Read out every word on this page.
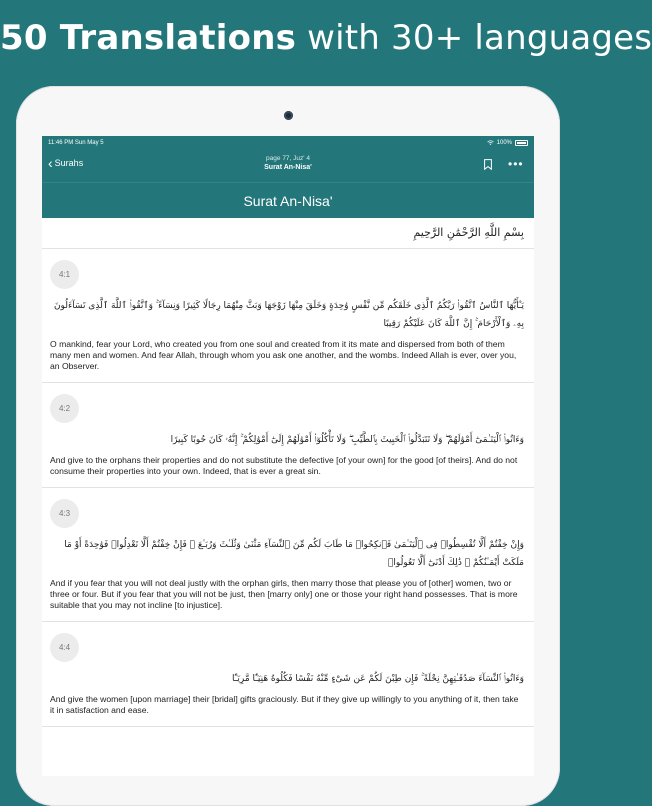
50 Translations with 30+ languages
11:46 PM Sun May 5	100%
‹ Surahs	page 77, Juz' 4
Surat An-Nisa'	•••
Surat An-Nisa'
بِسْمِ اللَّهِ الرَّحْمَٰنِ الرَّحِيمِ
4:1
يَـٰٓأَيُّهَا ٱلنَّاسُ ٱتَّقُوا۟ رَبَّكُمُ ٱلَّذِى خَلَقَكُم مِّن نَّفْسٍ وَٰحِدَةٍ وَخَلَقَ مِنْهَا زَوْجَهَا وَبَثَّ مِنْهُمَا رِجَالًا كَثِيرًا وَنِسَآءً ۚ وَٱتَّقُوا۟ ٱللَّهَ ٱلَّذِى تَسَآءَلُونَ بِهِۦ وَٱلْأَرْحَامَ ۚ إِنَّ ٱللَّهَ كَانَ عَلَيْكُمْ رَقِيبًا
O mankind, fear your Lord, who created you from one soul and created from it its mate and dispersed from both of them many men and women. And fear Allah, through whom you ask one another, and the wombs. Indeed Allah is ever, over you, an Observer.
4:2
وَءَاتُوا۟ ٱلْيَتَـٰمَىٰٓ أَمْوَٰلَهُمْ ۖ وَلَا تَتَبَدَّلُوا۟ ٱلْخَبِيثَ بِٱلطَّيِّبِ ۖ وَلَا تَأْكُلُوٓا۟ أَمْوَٰلَهُمْ إِلَىٰٓ أَمْوَٰلِكُمْ ۚ إِنَّهُۥ كَانَ حُوبًا كَبِيرًا
And give to the orphans their properties and do not substitute the defective [of your own] for the good [of theirs]. And do not consume their properties into your own. Indeed, that is ever a great sin.
4:3
وَإِنْ خِفْتُمْ أَلَّا تُقْسِطُوا۟ فِى ٱلْيَتَـٰمَىٰ فَٱنكِحُوا۟ مَا طَابَ لَكُم مِّنَ ٱلنِّسَآءِ مَثْنَىٰ وَثُلَـٰثَ وَرُبَـٰعَ ۖ فَإِنْ خِفْتُمْ أَلَّا تَعْدِلُوا۟ فَوَٰحِدَةً أَوْ مَا مَلَكَتْ أَيْمَـٰنُكُمْ ۚ ذَٰلِكَ أَدْنَىٰٓ أَلَّا تَعُولُوا۟
And if you fear that you will not deal justly with the orphan girls, then marry those that please you of [other] women, two or three or four. But if you fear that you will not be just, then [marry only] one or those your right hand possesses. That is more suitable that you may not incline [to injustice].
4:4
وَءَاتُوا۟ ٱلنِّسَآءَ صَدُقَـٰتِهِنَّ نِحْلَةً ۚ فَإِن طِبْنَ لَكُمْ عَن شَىْءٍ مِّنْهُ نَفْسًا فَكُلُوهُ هَنِيٓـًٔا مَّرِيٓـًٔا
And give the women [upon marriage] their [bridal] gifts graciously. But if they give up willingly to you anything of it, then take it in satisfaction and ease.
